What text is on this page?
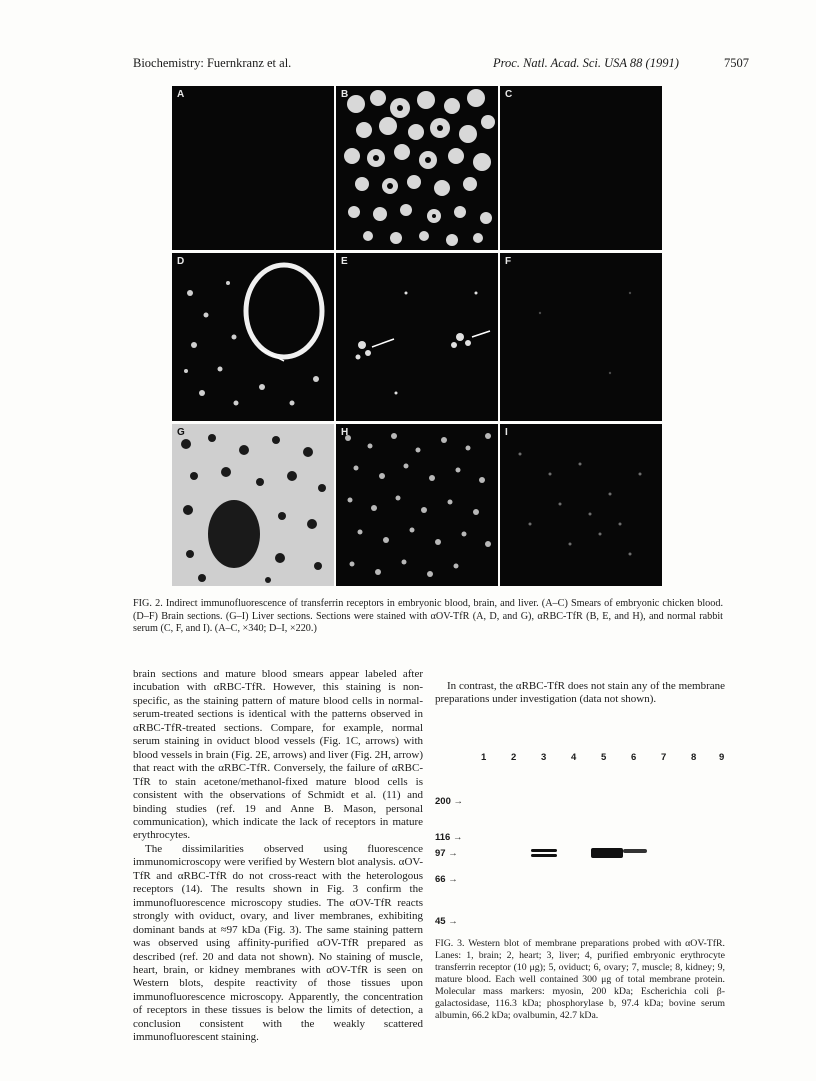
Biochemistry: Fuernkranz et al.	Proc. Natl. Acad. Sci. USA 88 (1991)	7507
A	B	C
D	E	F
G	H	I
FIG. 2. Indirect immunofluorescence of transferrin receptors in embryonic blood, brain, and liver. (A–C) Smears of embryonic chicken blood. (D–F) Brain sections. (G–I) Liver sections. Sections were stained with αOV-TfR (A, D, and G), αRBC-TfR (B, E, and H), and normal rabbit serum (C, F, and I). (A–C, ×340; D–I, ×220.)

brain sections and mature blood smears appear labeled after incubation with αRBC-TfR. However, this staining is non-specific, as the staining pattern of mature blood cells in normal-serum-treated sections is identical with the patterns observed in αRBC-TfR-treated sections. Compare, for example, normal serum staining in oviduct blood vessels (Fig. 1C, arrows) with blood vessels in brain (Fig. 2E, arrows) and liver (Fig. 2H, arrow) that react with the αRBC-TfR. Conversely, the failure of αRBC-TfR to stain acetone/methanol-fixed mature blood cells is consistent with the observations of Schmidt et al. (11) and binding studies (ref. 19 and Anne B. Mason, personal communication), which indicate the lack of receptors in mature erythrocytes.

The dissimilarities observed using fluorescence immunomicroscopy were verified by Western blot analysis. αOV-TfR and αRBC-TfR do not cross-react with the heterologous receptors (14). The results shown in Fig. 3 confirm the immunofluorescence microscopy studies. The αOV-TfR reacts strongly with oviduct, ovary, and liver membranes, exhibiting dominant bands at ≈97 kDa (Fig. 3). The same staining pattern was observed using affinity-purified αOV-TfR prepared as described (ref. 20 and data not shown). No staining of muscle, heart, brain, or kidney membranes with αOV-TfR is seen on Western blots, despite reactivity of those tissues upon immunofluorescence microscopy. Apparently, the concentration of receptors in these tissues is below the limits of detection, a conclusion consistent with the weakly scattered immunofluorescent staining.

In contrast, the αRBC-TfR does not stain any of the membrane preparations under investigation (data not shown).

1	2	3	4	5	6	7	8 9
200 →
116 →
97 →
66 →
45 →
FIG. 3. Western blot of membrane preparations probed with αOV-TfR. Lanes: 1, brain; 2, heart; 3, liver; 4, purified embryonic erythrocyte transferrin receptor (10 μg); 5, oviduct; 6, ovary; 7, muscle; 8, kidney; 9, mature blood. Each well contained 300 μg of total membrane protein. Molecular mass markers: myosin, 200 kDa; Escherichia coli β-galactosidase, 116.3 kDa; phosphorylase b, 97.4 kDa; bovine serum albumin, 66.2 kDa; ovalbumin, 42.7 kDa.
